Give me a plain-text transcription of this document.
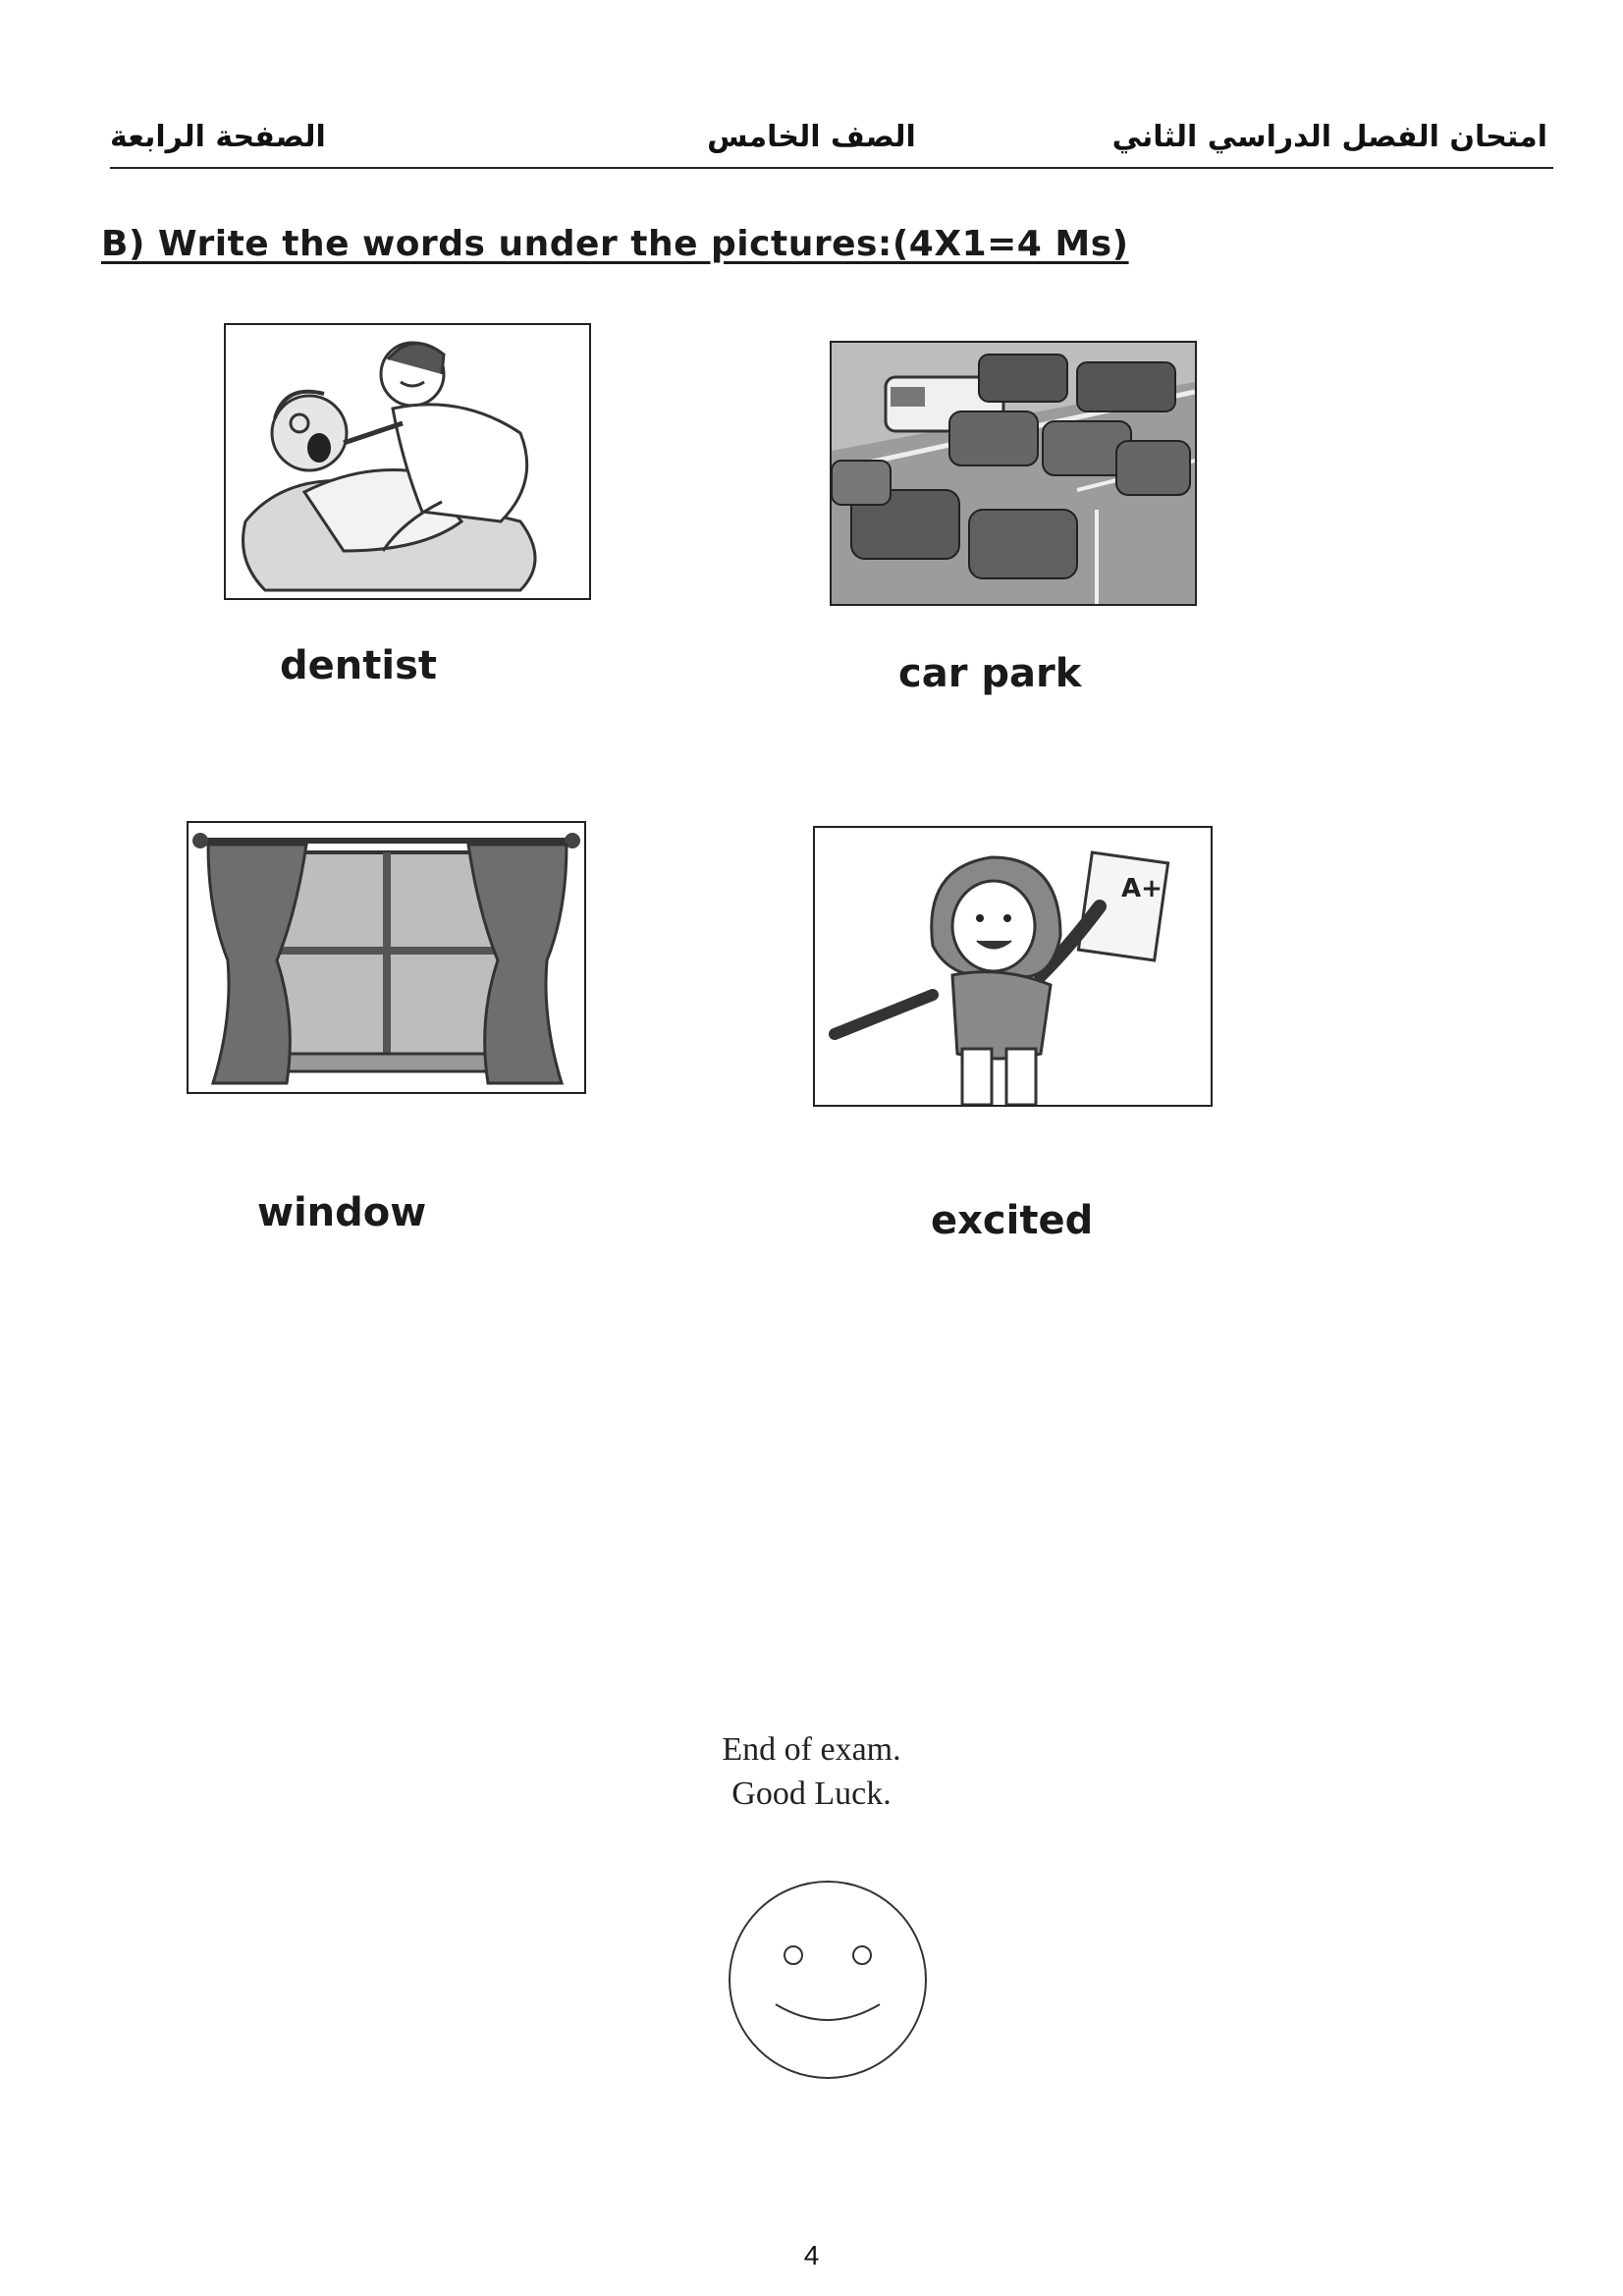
امتحان الفصل الدراسي الثاني
الصف الخامس
الصفحة الرابعة
B) Write the words under the pictures:(4X1=4 Ms)
dentist	car park
window
A+
excited
End of exam.
Good Luck.
4
